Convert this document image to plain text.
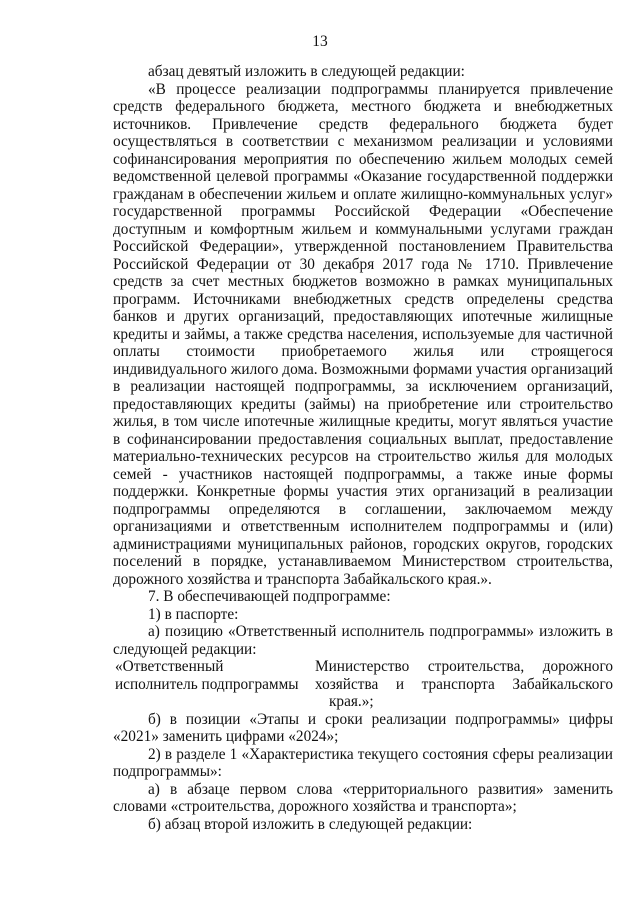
13

абзац девятый изложить в следующей редакции:

«В процессе реализации подпрограммы планируется привлечение средств федерального бюджета, местного бюджета и внебюджетных источников. Привлечение средств федерального бюджета будет осуществляться в соответствии с механизмом реализации и условиями софинансирования мероприятия по обеспечению жильем молодых семей ведомственной целевой программы «Оказание государственной поддержки гражданам в обеспечении жильем и оплате жилищно-коммунальных услуг» государственной программы Российской Федерации «Обеспечение доступным и комфортным жильем и коммунальными услугами граждан Российской Федерации», утвержденной постановлением Правительства Российской Федерации от 30 декабря 2017 года № 1710. Привлечение средств за счет местных бюджетов возможно в рамках муниципальных программ. Источниками внебюджетных средств определены средства банков и других организаций, предоставляющих ипотечные жилищные кредиты и займы, а также средства населения, используемые для частичной оплаты стоимости приобретаемого жилья или строящегося индивидуального жилого дома. Возможными формами участия организаций в реализации настоящей подпрограммы, за исключением организаций, предоставляющих кредиты (займы) на приобретение или строительство жилья, в том числе ипотечные жилищные кредиты, могут являться участие в софинансировании предоставления социальных выплат, предоставление материально-технических ресурсов на строительство жилья для молодых семей - участников настоящей подпрограммы, а также иные формы поддержки. Конкретные формы участия этих организаций в реализации подпрограммы определяются в соглашении, заключаемом между организациями и ответственным исполнителем подпрограммы и (или) администрациями муниципальных районов, городских округов, городских поселений в порядке, устанавливаемом Министерством строительства, дорожного хозяйства и транспорта Забайкальского края.».

7. В обеспечивающей подпрограмме:

1) в паспорте:

а) позицию «Ответственный исполнитель подпрограммы» изложить в следующей редакции:

«Ответственный	Министерство строительства, дорожного
исполнитель подпрограммы	хозяйства и транспорта Забайкальского
края.»;

б) в позиции «Этапы и сроки реализации подпрограммы» цифры «2021» заменить цифрами «2024»;

2) в разделе 1 «Характеристика текущего состояния сферы реализации подпрограммы»:

а) в абзаце первом слова «территориального развития» заменить словами «строительства, дорожного хозяйства и транспорта»;

б) абзац второй изложить в следующей редакции:
